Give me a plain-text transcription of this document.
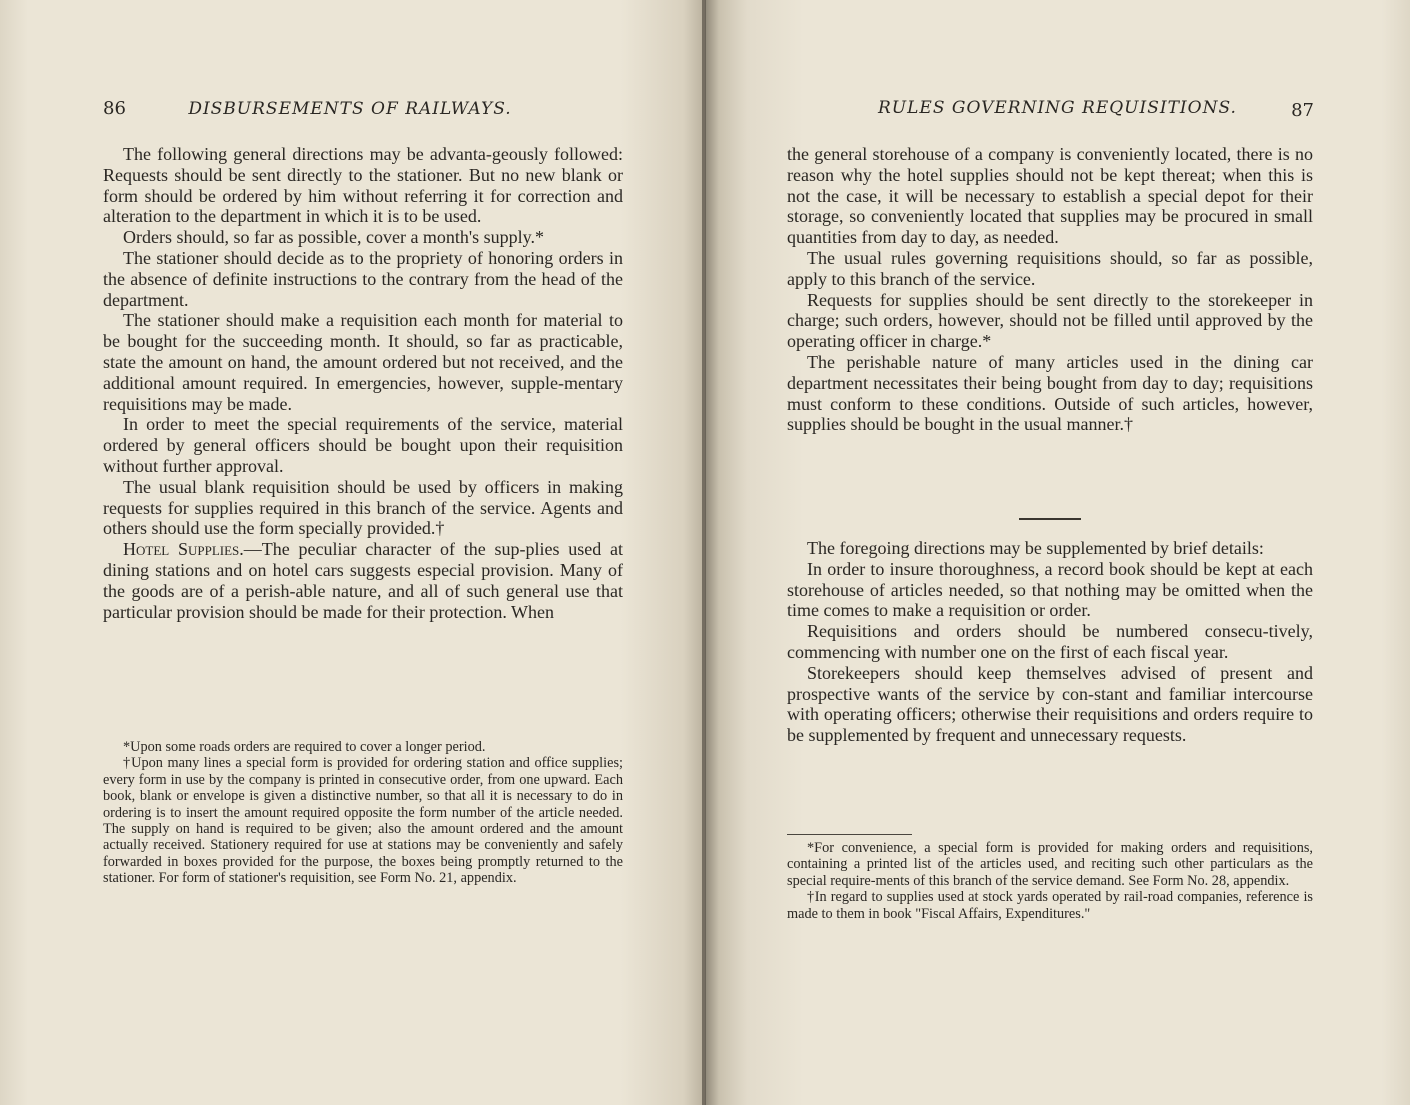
86	DISBURSEMENTS OF RAILWAYS.

The following general directions may be advanta-geously followed: Requests should be sent directly to the stationer. But no new blank or form should be ordered by him without referring it for correction and alteration to the department in which it is to be used.

Orders should, so far as possible, cover a month's supply.*

The stationer should decide as to the propriety of honoring orders in the absence of definite instructions to the contrary from the head of the department.

The stationer should make a requisition each month for material to be bought for the succeeding month. It should, so far as practicable, state the amount on hand, the amount ordered but not received, and the additional amount required. In emergencies, however, supple-mentary requisitions may be made.

In order to meet the special requirements of the service, material ordered by general officers should be bought upon their requisition without further approval.

The usual blank requisition should be used by officers in making requests for supplies required in this branch of the service. Agents and others should use the form specially provided.†

Hotel Supplies.—The peculiar character of the sup-plies used at dining stations and on hotel cars suggests especial provision. Many of the goods are of a perish-able nature, and all of such general use that particular provision should be made for their protection. When

*Upon some roads orders are required to cover a longer period.

†Upon many lines a special form is provided for ordering station and office supplies; every form in use by the company is printed in consecutive order, from one upward. Each book, blank or envelope is given a distinctive number, so that all it is necessary to do in ordering is to insert the amount required opposite the form number of the article needed. The supply on hand is required to be given; also the amount ordered and the amount actually received. Stationery required for use at stations may be conveniently and safely forwarded in boxes provided for the purpose, the boxes being promptly returned to the stationer. For form of stationer's requisition, see Form No. 21, appendix.

RULES GOVERNING REQUISITIONS.	87

the general storehouse of a company is conveniently located, there is no reason why the hotel supplies should not be kept thereat; when this is not the case, it will be necessary to establish a special depot for their storage, so conveniently located that supplies may be procured in small quantities from day to day, as needed.

The usual rules governing requisitions should, so far as possible, apply to this branch of the service.

Requests for supplies should be sent directly to the storekeeper in charge; such orders, however, should not be filled until approved by the operating officer in charge.*

The perishable nature of many articles used in the dining car department necessitates their being bought from day to day; requisitions must conform to these conditions. Outside of such articles, however, supplies should be bought in the usual manner.†

The foregoing directions may be supplemented by brief details:

In order to insure thoroughness, a record book should be kept at each storehouse of articles needed, so that nothing may be omitted when the time comes to make a requisition or order.

Requisitions and orders should be numbered consecu-tively, commencing with number one on the first of each fiscal year.

Storekeepers should keep themselves advised of present and prospective wants of the service by con-stant and familiar intercourse with operating officers; otherwise their requisitions and orders require to be supplemented by frequent and unnecessary requests.

*For convenience, a special form is provided for making orders and requisitions, containing a printed list of the articles used, and reciting such other particulars as the special require-ments of this branch of the service demand. See Form No. 28, appendix.

†In regard to supplies used at stock yards operated by rail-road companies, reference is made to them in book "Fiscal Affairs, Expenditures."
